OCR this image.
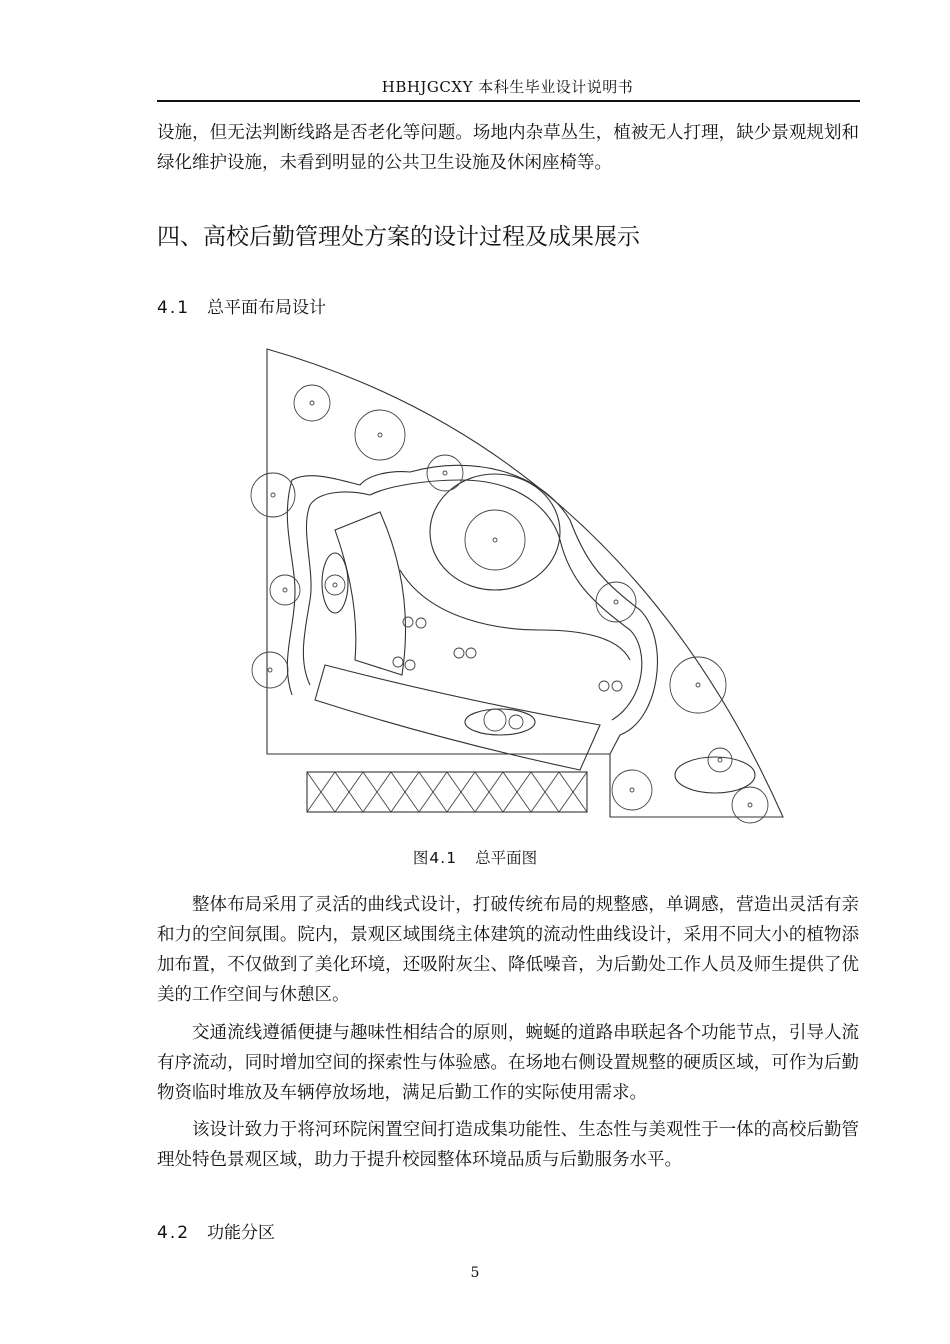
HBHJGCXY 本科生毕业设计说明书
设施，但无法判断线路是否老化等问题。场地内杂草丛生，植被无人打理，缺少景观规划和绿化维护设施，未看到明显的公共卫生设施及休闲座椅等。
四、高校后勤管理处方案的设计过程及成果展示
4.1 总平面布局设计
图4.1 总平面图
整体布局采用了灵活的曲线式设计，打破传统布局的规整感，单调感，营造出灵活有亲和力的空间氛围。院内，景观区域围绕主体建筑的流动性曲线设计，采用不同大小的植物添加布置，不仅做到了美化环境，还吸附灰尘、降低噪音，为后勤处工作人员及师生提供了优美的工作空间与休憩区。
交通流线遵循便捷与趣味性相结合的原则，蜿蜒的道路串联起各个功能节点，引导人流有序流动，同时增加空间的探索性与体验感。在场地右侧设置规整的硬质区域，可作为后勤物资临时堆放及车辆停放场地，满足后勤工作的实际使用需求。
该设计致力于将河环院闲置空间打造成集功能性、生态性与美观性于一体的高校后勤管理处特色景观区域，助力于提升校园整体环境品质与后勤服务水平。
4.2 功能分区
5
